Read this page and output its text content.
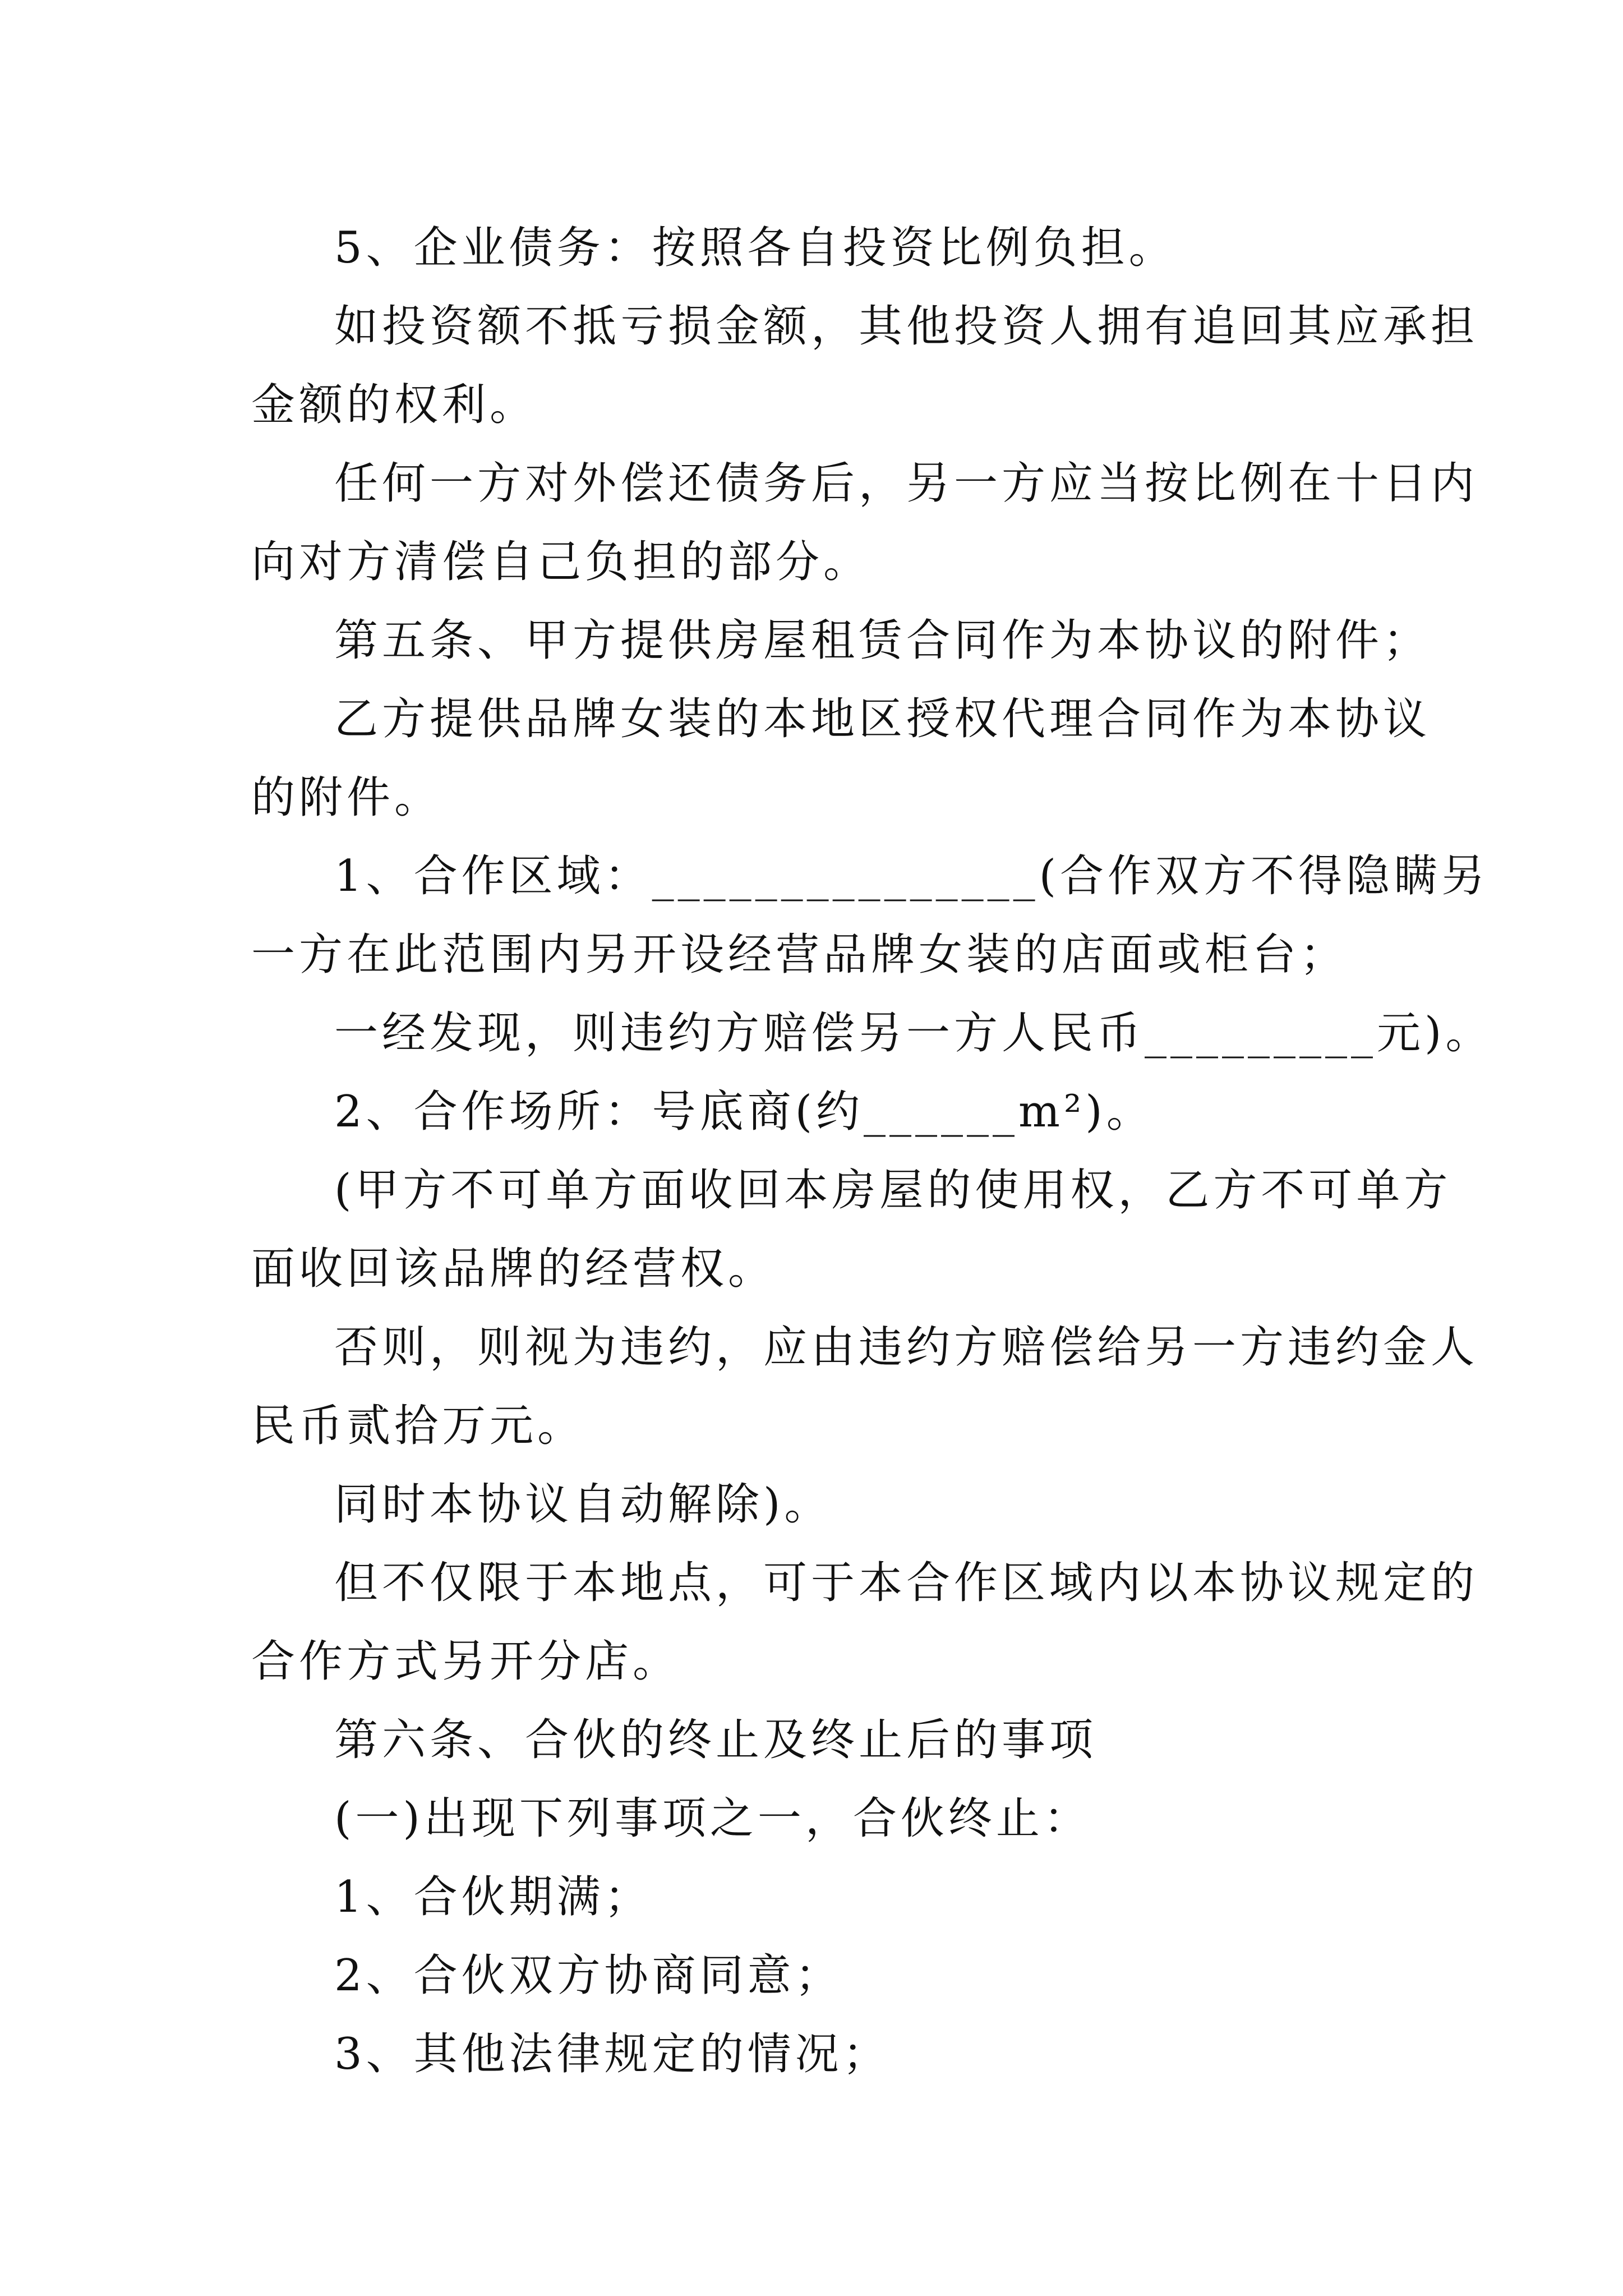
5、企业债务：按照各自投资比例负担。

如投资额不抵亏损金额，其他投资人拥有追回其应承担

金额的权利。

任何一方对外偿还债务后，另一方应当按比例在十日内

向对方清偿自己负担的部分。

第五条、甲方提供房屋租赁合同作为本协议的附件；

乙方提供品牌女装的本地区授权代理合同作为本协议

的附件。

1、合作区域：_______________(合作双方不得隐瞒另

一方在此范围内另开设经营品牌女装的店面或柜台；

一经发现，则违约方赔偿另一方人民币_________元)。

2、合作场所：号底商(约______m²)。

(甲方不可单方面收回本房屋的使用权，乙方不可单方

面收回该品牌的经营权。

否则，则视为违约，应由违约方赔偿给另一方违约金人

民币贰拾万元。

同时本协议自动解除)。

但不仅限于本地点，可于本合作区域内以本协议规定的

合作方式另开分店。

第六条、合伙的终止及终止后的事项

(一)出现下列事项之一，合伙终止：

1、合伙期满；

2、合伙双方协商同意；

3、其他法律规定的情况；
